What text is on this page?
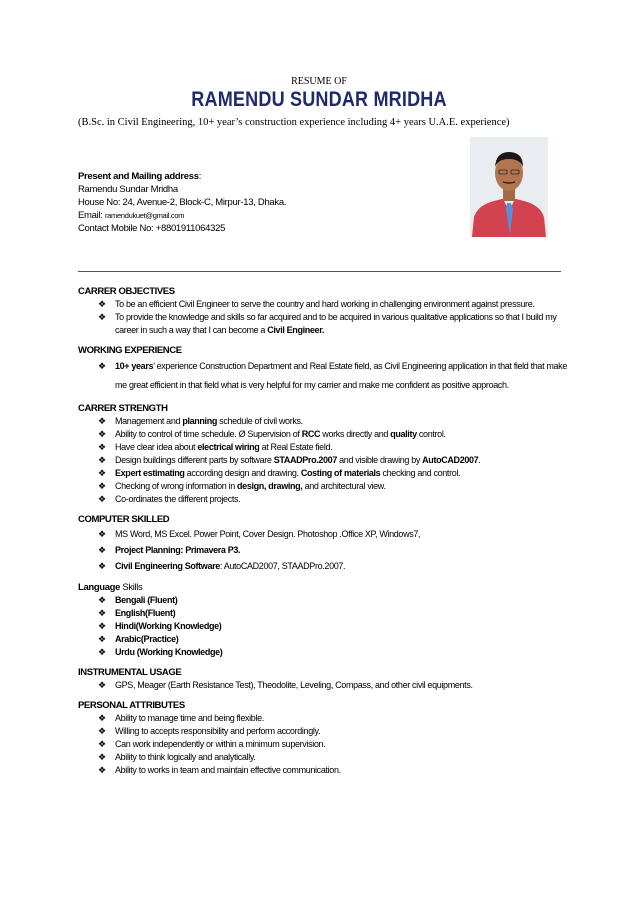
RESUME OF
RAMENDU SUNDAR MRIDHA
(B.Sc. in Civil Engineering, 10+ year’s construction experience including 4+ years U.A.E. experience)
Present and Mailing address:
Ramendu Sundar Mridha
House No: 24, Avenue-2, Block-C, Mirpur-13, Dhaka.
Email: ramendukuet@gmail.com
Contact Mobile No: +8801911064325
CARRER OBJECTIVES
❖ To be an efficient Civil Engineer to serve the country and hard working in challenging environment against pressure.
❖ To provide the knowledge and skills so far acquired and to be acquired in various qualitative applications so that I build my career in such a way that I can become a Civil Engineer.
WORKING EXPERIENCE
❖ 10+ years’ experience Construction Department and Real Estate field, as Civil Engineering application in that field that make me great efficient in that field what is very helpful for my carrier and make me confident as positive approach.
CARRER STRENGTH
❖ Management and planning schedule of civil works.
❖ Ability to control of time schedule. Ø Supervision of RCC works directly and quality control.
❖ Have clear idea about electrical wiring at Real Estate field.
❖ Design buildings different parts by software STAADPro.2007 and visible drawing by AutoCAD2007.
❖ Expert estimating according design and drawing. Costing of materials checking and control.
❖ Checking of wrong information in design, drawing, and architectural view.
❖ Co-ordinates the different projects.
COMPUTER SKILLED
❖ MS Word, MS Excel. Power Point, Cover Design. Photoshop .Office XP, Windows7,
❖ Project Planning: Primavera P3.
❖ Civil Engineering Software: AutoCAD2007, STAADPro.2007.
Language Skills
❖ Bengali (Fluent)
❖ English(Fluent)
❖ Hindi(Working Knowledge)
❖ Arabic(Practice)
❖ Urdu (Working Knowledge)
INSTRUMENTAL USAGE
❖ GPS, Meager (Earth Resistance Test), Theodolite, Leveling, Compass, and other civil equipments.
PERSONAL ATTRIBUTES
❖ Ability to manage time and being flexible.
❖ Willing to accepts responsibility and perform accordingly.
❖ Can work independently or within a minimum supervision.
❖ Ability to think logically and analytically.
❖ Ability to works in team and maintain effective communication.
